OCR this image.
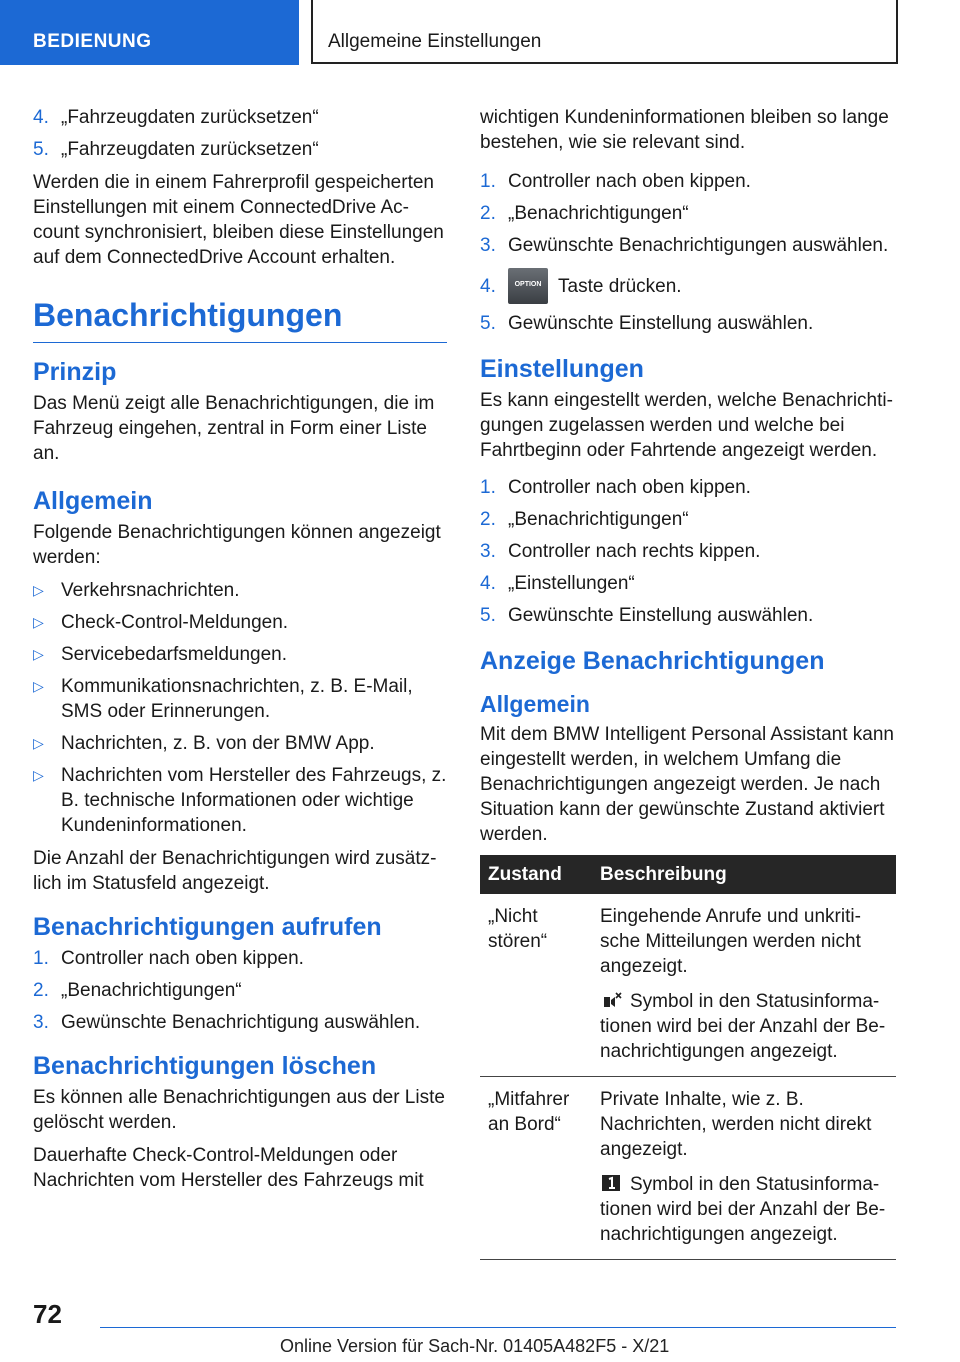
BEDIENUNG	Allgemeine Einstellungen
4. „Fahrzeugdaten zurücksetzen“
5. „Fahrzeugdaten zurücksetzen“

Werden die in einem Fahrerprofil gespeicherten Einstellungen mit einem ConnectedDrive Account synchronisiert, bleiben diese Einstellungen auf dem ConnectedDrive Account erhalten.

Benachrichtigungen
Prinzip

Das Menü zeigt alle Benachrichtigungen, die im Fahrzeug eingehen, zentral in Form einer Liste an.

Allgemein

Folgende Benachrichtigungen können angezeigt werden:

▷ Verkehrsnachrichten.
▷ Check-Control-Meldungen.
▷ Servicebedarfsmeldungen.
▷ Kommunikationsnachrichten, z. B. E-Mail, SMS oder Erinnerungen.
▷ Nachrichten, z. B. von der BMW App.
▷ Nachrichten vom Hersteller des Fahrzeugs, z. B. technische Informationen oder wichtige Kundeninformationen.

Die Anzahl der Benachrichtigungen wird zusätzlich im Statusfeld angezeigt.

Benachrichtigungen aufrufen
1. Controller nach oben kippen.
2. „Benachrichtigungen“
3. Gewünschte Benachrichtigung auswählen.
Benachrichtigungen löschen

Es können alle Benachrichtigungen aus der Liste gelöscht werden.

Dauerhafte Check-Control-Meldungen oder Nachrichten vom Hersteller des Fahrzeugs mit

wichtigen Kundeninformationen bleiben so lange bestehen, wie sie relevant sind.

1. Controller nach oben kippen.
2. „Benachrichtigungen“
3. Gewünschte Benachrichtigungen auswählen.
4.	OPTION Taste drücken.
5. Gewünschte Einstellung auswählen.
Einstellungen

Es kann eingestellt werden, welche Benachrichtigungen zugelassen werden und welche bei Fahrtbeginn oder Fahrtende angezeigt werden.

1. Controller nach oben kippen.
2. „Benachrichtigungen“
3. Controller nach rechts kippen.
4. „Einstellungen“
5. Gewünschte Einstellung auswählen.
Anzeige Benachrichtigungen
Allgemein

Mit dem BMW Intelligent Personal Assistant kann eingestellt werden, in welchem Umfang die Benachrichtigungen angezeigt werden. Je nach Situation kann der gewünschte Zustand aktiviert werden.

Zustand	Beschreibung
„Nicht stören“	Eingehende Anrufe und unkritische Mitteilungen werden nicht angezeigt.

Symbol in den Statusinformationen wird bei der Anzahl der Benachrichtigungen angezeigt.

„Mitfahrer an Bord“	Private Inhalte, wie z. B. Nachrichten, werden nicht direkt angezeigt.

Symbol in den Statusinformationen wird bei der Anzahl der Benachrichtigungen angezeigt.

72
Online Version für Sach-Nr. 01405A482F5 - X/21
